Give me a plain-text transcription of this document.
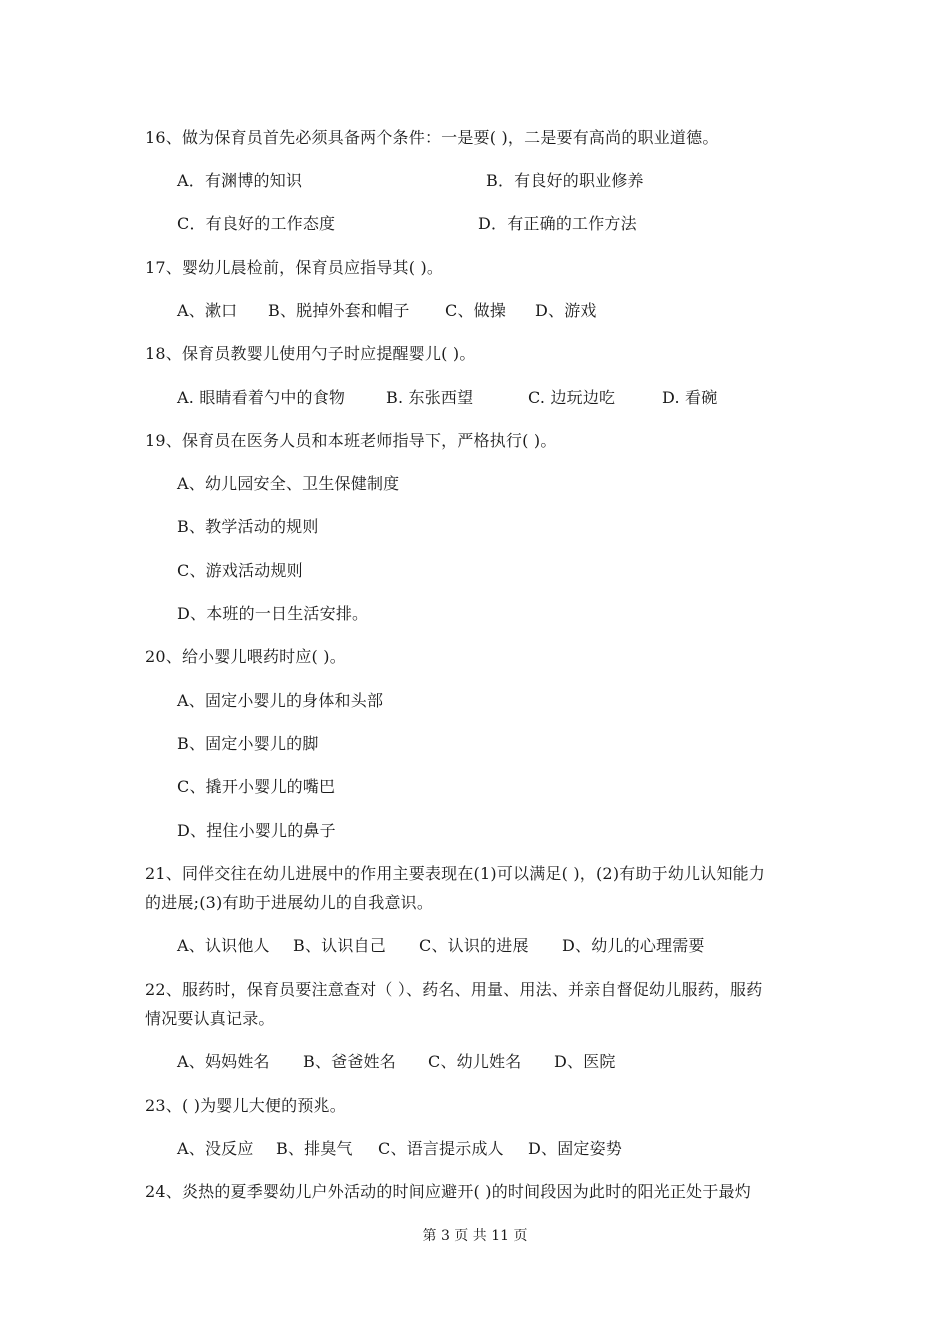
16、做为保育员首先必须具备两个条件：一是要( )，二是要有高尚的职业道德。
A．有渊博的知识	B．有良好的职业修养
C．有良好的工作态度	D．有正确的工作方法
17、婴幼儿晨检前，保育员应指导其( )。
A、漱口 B、脱掉外套和帽子 C、做操 D、游戏
18、保育员教婴儿使用勺子时应提醒婴儿( )。
A. 眼睛看着勺中的食物	B. 东张西望	C. 边玩边吃	D. 看碗
19、保育员在医务人员和本班老师指导下，严格执行( )。
A、幼儿园安全、卫生保健制度
B、教学活动的规则
C、游戏活动规则
D、本班的一日生活安排。
20、给小婴儿喂药时应( )。
A、固定小婴儿的身体和头部
B、固定小婴儿的脚
C、撬开小婴儿的嘴巴
D、捏住小婴儿的鼻子
21、同伴交往在幼儿进展中的作用主要表现在(1)可以满足( )，(2)有助于幼儿认知能力
的进展;(3)有助于进展幼儿的自我意识。
A、认识他人 B、认识自己 C、认识的进展 D、幼儿的心理需要
22、服药时，保育员要注意查对（ ）、药名、用量、用法、并亲自督促幼儿服药，服药
情况要认真记录。
A、妈妈姓名 B、爸爸姓名 C、幼儿姓名 D、医院
23、( )为婴儿大便的预兆。
A、没反应 B、排臭气 C、语言提示成人 D、固定姿势
24、炎热的夏季婴幼儿户外活动的时间应避开( )的时间段因为此时的阳光正处于最灼
第 3 页 共 11 页
